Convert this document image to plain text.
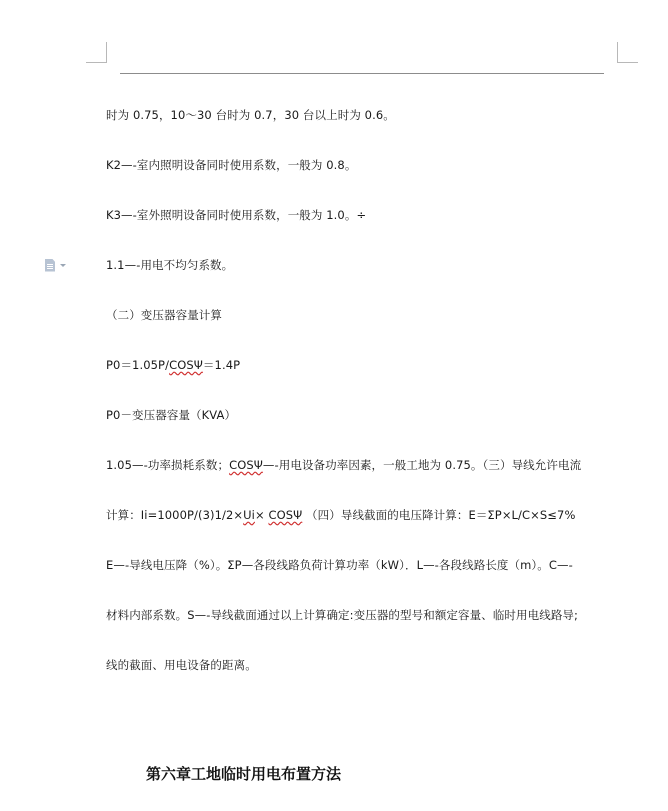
时为 0.75，10～30 台时为 0.7，30 台以上时为 0.6。
K2—-室内照明设备同时使用系数，一般为 0.8。
K3—-室外照明设备同时使用系数，一般为 1.0。÷
1.1—-用电不均匀系数。
（二）变压器容量计算
P0＝1.05P/COSΨ＝1.4P
P0－变压器容量（KVA）
1.05—-功率损耗系数；COSΨ—-用电设备功率因素，一般工地为 0.75。（三）导线允许电流
计算：Ii=1000P/(3)1/2×Ui× COSΨ （四）导线截面的电压降计算：E＝ΣP×L/C×S≤7%
E—-导线电压降（%）。ΣP—各段线路负荷计算功率（kW）．L—-各段线路长度（m）。C—-
材料内部系数。S—-导线截面通过以上计算确定:变压器的型号和额定容量、临时用电线路导;
线的截面、用电设备的距离。
第六章工地临时用电布置方法
